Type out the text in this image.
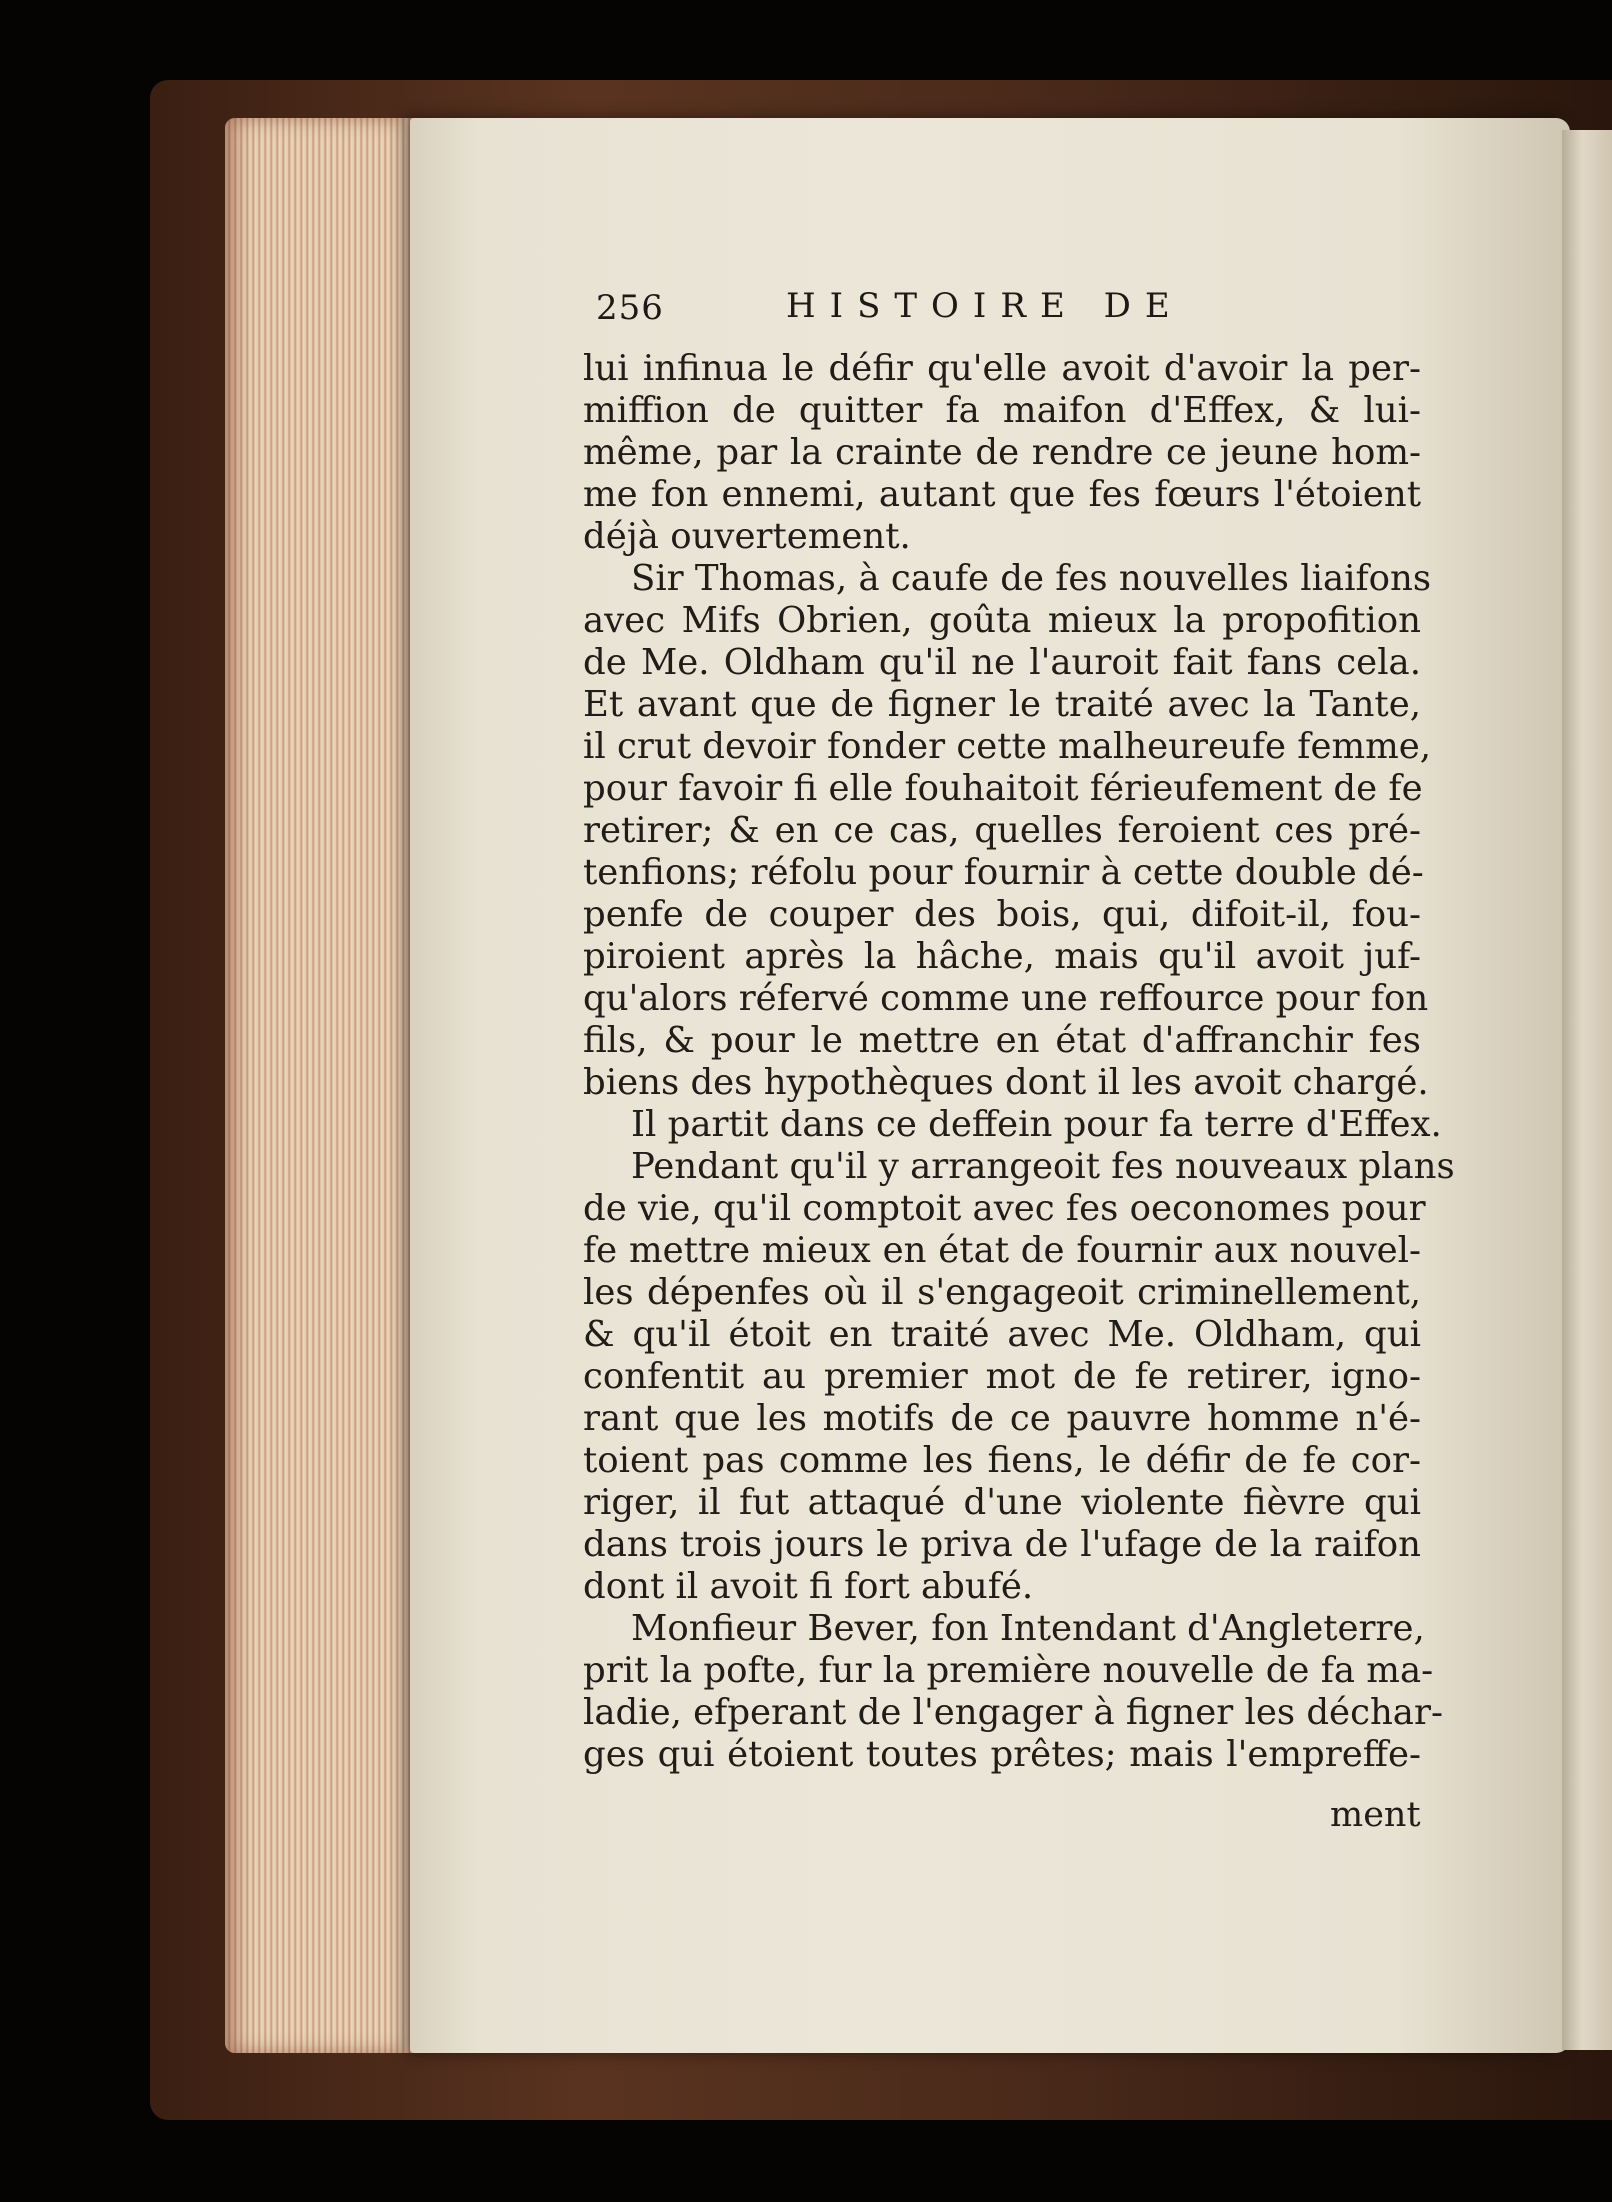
256	HISTOIRE DE
lui infinua le défir qu'elle avoit d'avoir la per-
miffion de quitter fa maifon d'Effex, & lui-
même, par la crainte de rendre ce jeune hom-
me fon ennemi, autant que fes fœurs l'étoient
déjà ouvertement.
Sir Thomas, à caufe de fes nouvelles liaifons
avec Mifs Obrien, goûta mieux la propofition
de Me. Oldham qu'il ne l'auroit fait fans cela.
Et avant que de figner le traité avec la Tante,
il crut devoir fonder cette malheureufe femme,
pour favoir fi elle fouhaitoit férieufement de fe
retirer; & en ce cas, quelles feroient ces pré-
tenfions; réfolu pour fournir à cette double dé-
penfe de couper des bois, qui, difoit-il, fou-
piroient après la hâche, mais qu'il avoit juf-
qu'alors réfervé comme une reffource pour fon
fils, & pour le mettre en état d'affranchir fes
biens des hypothèques dont il les avoit chargé.
Il partit dans ce deffein pour fa terre d'Effex.
Pendant qu'il y arrangeoit fes nouveaux plans
de vie, qu'il comptoit avec fes oeconomes pour
fe mettre mieux en état de fournir aux nouvel-
les dépenfes où il s'engageoit criminellement,
& qu'il étoit en traité avec Me. Oldham, qui
confentit au premier mot de fe retirer, igno-
rant que les motifs de ce pauvre homme n'é-
toient pas comme les fiens, le défir de fe cor-
riger, il fut attaqué d'une violente fièvre qui
dans trois jours le priva de l'ufage de la raifon
dont il avoit fi fort abufé.
Monfieur Bever, fon Intendant d'Angleterre,
prit la pofte, fur la première nouvelle de fa ma-
ladie, efperant de l'engager à figner les déchar-
ges qui étoient toutes prêtes; mais l'empreffe-
ment
